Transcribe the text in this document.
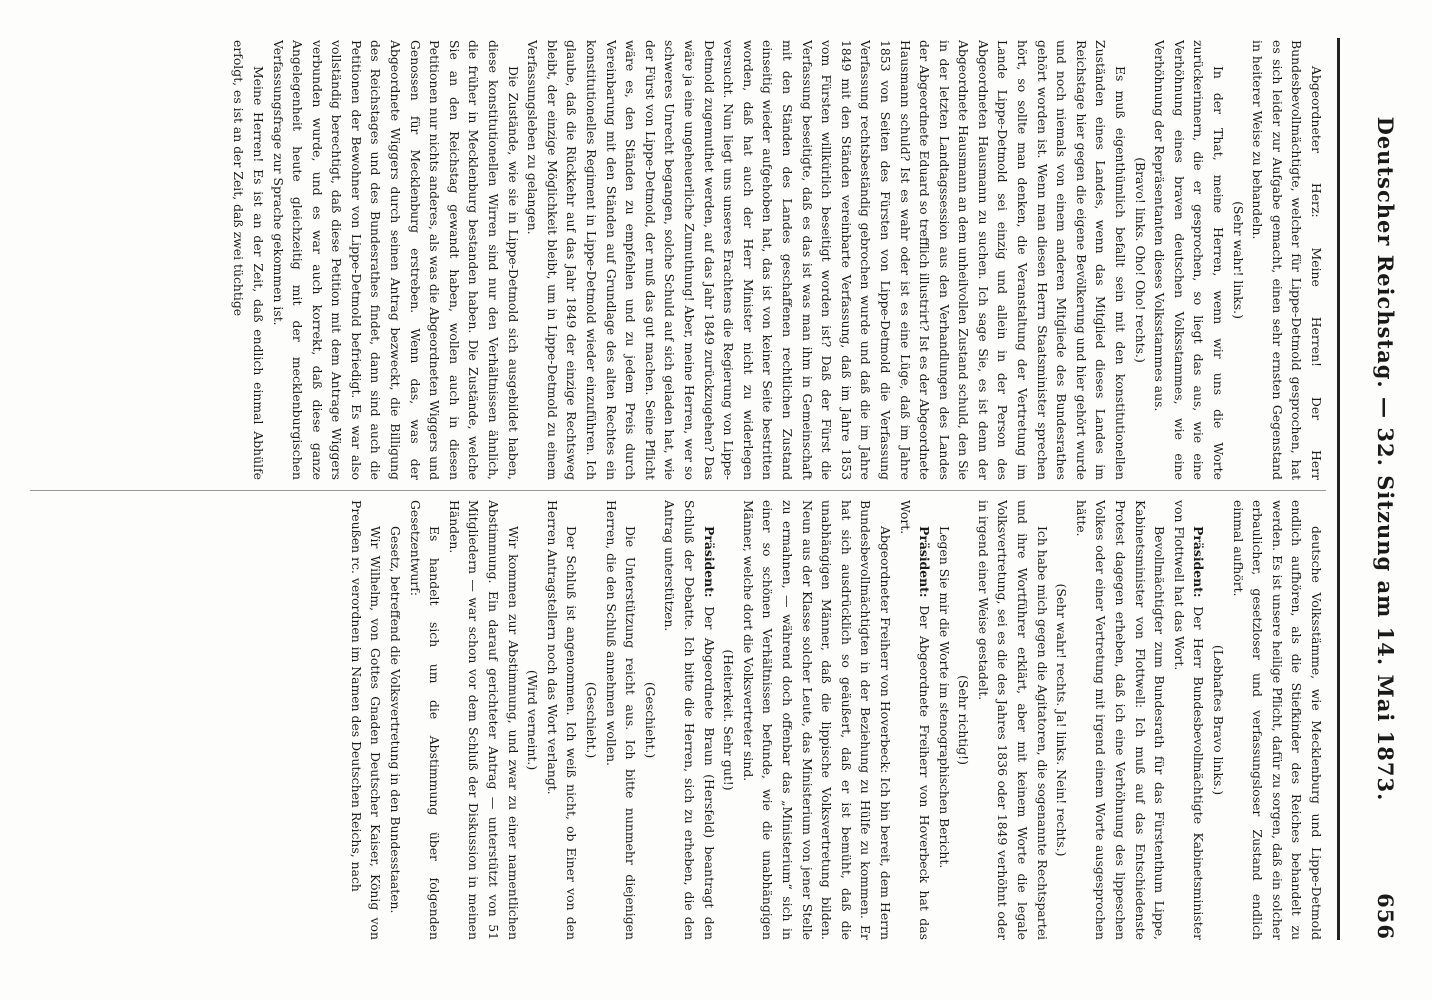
Deutscher Reichstag. — 32. Sitzung am 14. Mai 1873.
656

Abgeordneter Herz: Meine Herren! Der Herr Bundesbevollmächtigte, welcher für Lippe-Detmold gesprochen, hat es sich leider zur Aufgabe gemacht, einen sehr ernsten Gegenstand in heiterer Weise zu behandeln.

(Sehr wahr! links.)

In der That, meine Herren, wenn wir uns die Worte zurückerinnern, die er gesprochen, so liegt das aus, wie eine Verhöhnung eines braven deutschen Volksstammes, wie eine Verhöhnung der Repräsentanten dieses Volksstammes aus.

(Bravo! links. Oho! Oho! rechts.)

Es muß eigenthümlich befallt sein mit den konstitutionellen Zuständen eines Landes, wenn das Mitglied dieses Landes im Reichstage hier gegen die eigene Bevölkerung und hier gehört wurde und noch niemals von einem anderen Mitgliede des Bundesrathes gehört worden ist. Wenn man diesen Herrn Staatsminister sprechen hört, so sollte man denken, die Veranstaltung der Vertretung im Lande Lippe-Detmold sei einzig und allein in der Person des Abgeordneten Hausmann zu suchen. Ich sage Sie, es ist denn der Abgeordnete Hausmann an dem unheilvollen Zustand schuld, den Sie in der letzten Landtagssession aus den Verhandlungen des Landes der Abgeordnete Eduard so trefflich illustrirt? Ist es der Abgeordnete Hausmann schuld? Ist es wahr oder ist es eine Lüge, daß im Jahre 1853 von Seiten des Fürsten von Lippe-Detmold die Verfassung Verfassung rechtsbeständig gebrochen wurde und daß die im Jahre 1849 mit den Ständen vereinbarte Verfassung, daß im Jahre 1853 vom Fürsten willkürlich beseitigt worden ist? Daß der Fürst die Verfassung beseitigte, daß es das ist was man ihm in Gemeinschaft mit den Ständen des Landes geschaffenen rechtlichen Zustand einseitig wieder aufgehoben hat, das ist von keiner Seite bestritten worden, daß hat auch der Herr Minister nicht zu widerlegen versucht. Nun liegt uns unseres Erachtens die Regierung von Lippe-Detmold zugemuthet werden, auf das Jahr 1849 zurückzugehen? Das wäre ja eine ungeheuerliche Zumuthung! Aber, meine Herren, wer so schweres Unrecht begangen, solche Schuld auf sich geladen hat, wie der Fürst von Lippe-Detmold, der muß das gut machen. Seine Pflicht wäre es, den Ständen zu empfehlen und zu jedem Preis durch Vereinbarung mit den Ständen auf Grundlage des alten Rechtes ein konstitutionelles Regiment in Lippe-Detmold wieder einzuführen. Ich glaube, daß die Rückkehr auf das Jahr 1849 der einzige Rechtsweg bleibt, der einzige Möglichkeit bleibt, um in Lippe-Detmold zu einem Verfassungsleben zu gelangen.

Die Zustände, wie sie in Lippe-Detmold sich ausgebildet haben, diese konstitutionellen Wirren sind nur den Verhältnissen ähnlich, die früher in Mecklenburg bestanden haben. Die Zustände, welche Sie an den Reichstag gewandt haben, wollen auch in diesen Petitionen nur nichts anderes, als was die Abgeordneten Wiggers und Genossen für Mecklenburg erstreben. Wenn das, was der Abgeordnete Wiggers durch seinen Antrag bezweckt, die Billigung des Reichstages und des Bundesrathes findet, dann sind auch die Petitionen der Bewohner von Lippe-Detmold befriedigt. Es war also vollständig berechtigt, daß diese Petition mit dem Antrage Wiggers verbunden wurde, und es war auch korrekt, daß diese ganze Angelegenheit heute gleichzeitig mit der mecklenburgischen Verfassungsfrage zur Sprache gekommen ist.

Meine Herren! Es ist an der Zeit, daß endlich einmal Abhülfe erfolgt, es ist an der Zeit, daß zwei tüchtige

deutsche Volksstämme, wie Mecklenburg und Lippe-Detmold endlich aufhören, als die Stiefkinder des Reiches behandelt zu werden. Es ist unsere heilige Pflicht, dafür zu sorgen, daß ein solcher erbaulicher, gesetzloser und verfassungsloser Zustand endlich einmal aufhört.

(Lebhaftes Bravo links.)

Präsident: Der Herr Bundesbevollmächtigte Kabinetsminister von Flottwell hat das Wort.

Bevollmächtigter zum Bundesrath für das Fürstenthum Lippe, Kabinetsminister von Flottwell: Ich muß auf das Entschiedenste Protest dagegen erheben, daß ich eine Verhöhnung des lippeschen Volkes oder einer Vertretung mit irgend einem Worte ausgesprochen hätte.

(Sehr wahr! rechts. Ja! links. Nein! rechts.)

Ich habe mich gegen die Agitatoren, die sogenannte Rechtspartei und ihre Wortführer erklärt, aber mit keinem Worte die legale Volksvertretung, sei es die des Jahres 1836 oder 1849 verhöhnt oder in irgend einer Weise gestadelt.

(Sehr richtig!)

Legen Sie mir die Worte im stenographischen Bericht.

Präsident: Der Abgeordnete Freiherr von Hoverbeck hat das Wort.

Abgeordneter Freiherr von Hoverbeck: Ich bin bereit, dem Herrn Bundesbevollmächtigten in der Beziehung zu Hülfe zu kommen. Er hat sich ausdrücklich so geäußert, daß er ist bemüht, daß die unabhängigen Männer, daß die lippische Volksvertretung bilden. Neun aus der Klasse solcher Leute, das Ministerium von jener Stelle zu ermahnen, — während doch offenbar das „Ministerium“ sich in einer so schönen Verhältnissen befunde, wie die unabhängigen Männer, welche dort die Volksvertreter sind.

(Heiterkeit. Sehr gut!)

Präsident: Der Abgeordnete Braun (Hersfeld) beantragt den Schluß der Debatte. Ich bitte die Herren, sich zu erheben, die den Antrag unterstützen.

(Geschieht.)

Die Unterstützung reicht aus. Ich bitte nunmehr diejenigen Herren, die den Schluß annehmen wollen.

(Geschieht.)

Der Schluß ist angenommen. Ich weiß nicht, ob Einer von den Herren Antragstellern noch das Wort verlangt.

(Wird verneint.)

Wir kommen zur Abstimmung, und zwar zu einer namentlichen Abstimmung. Ein darauf gerichteter Antrag — unterstützt von 51 Mitgliedern — war schon vor dem Schluß der Diskussion in meinen Händen.

Es handelt sich um die Abstimmung über folgenden Gesetzentwurf:

Gesetz, betreffend die Volksvertretung in den Bundesstaaten.

Wir Wilhelm, von Gottes Gnaden Deutscher Kaiser, König von Preußen rc. verordnen im Namen des Deutschen Reichs, nach
